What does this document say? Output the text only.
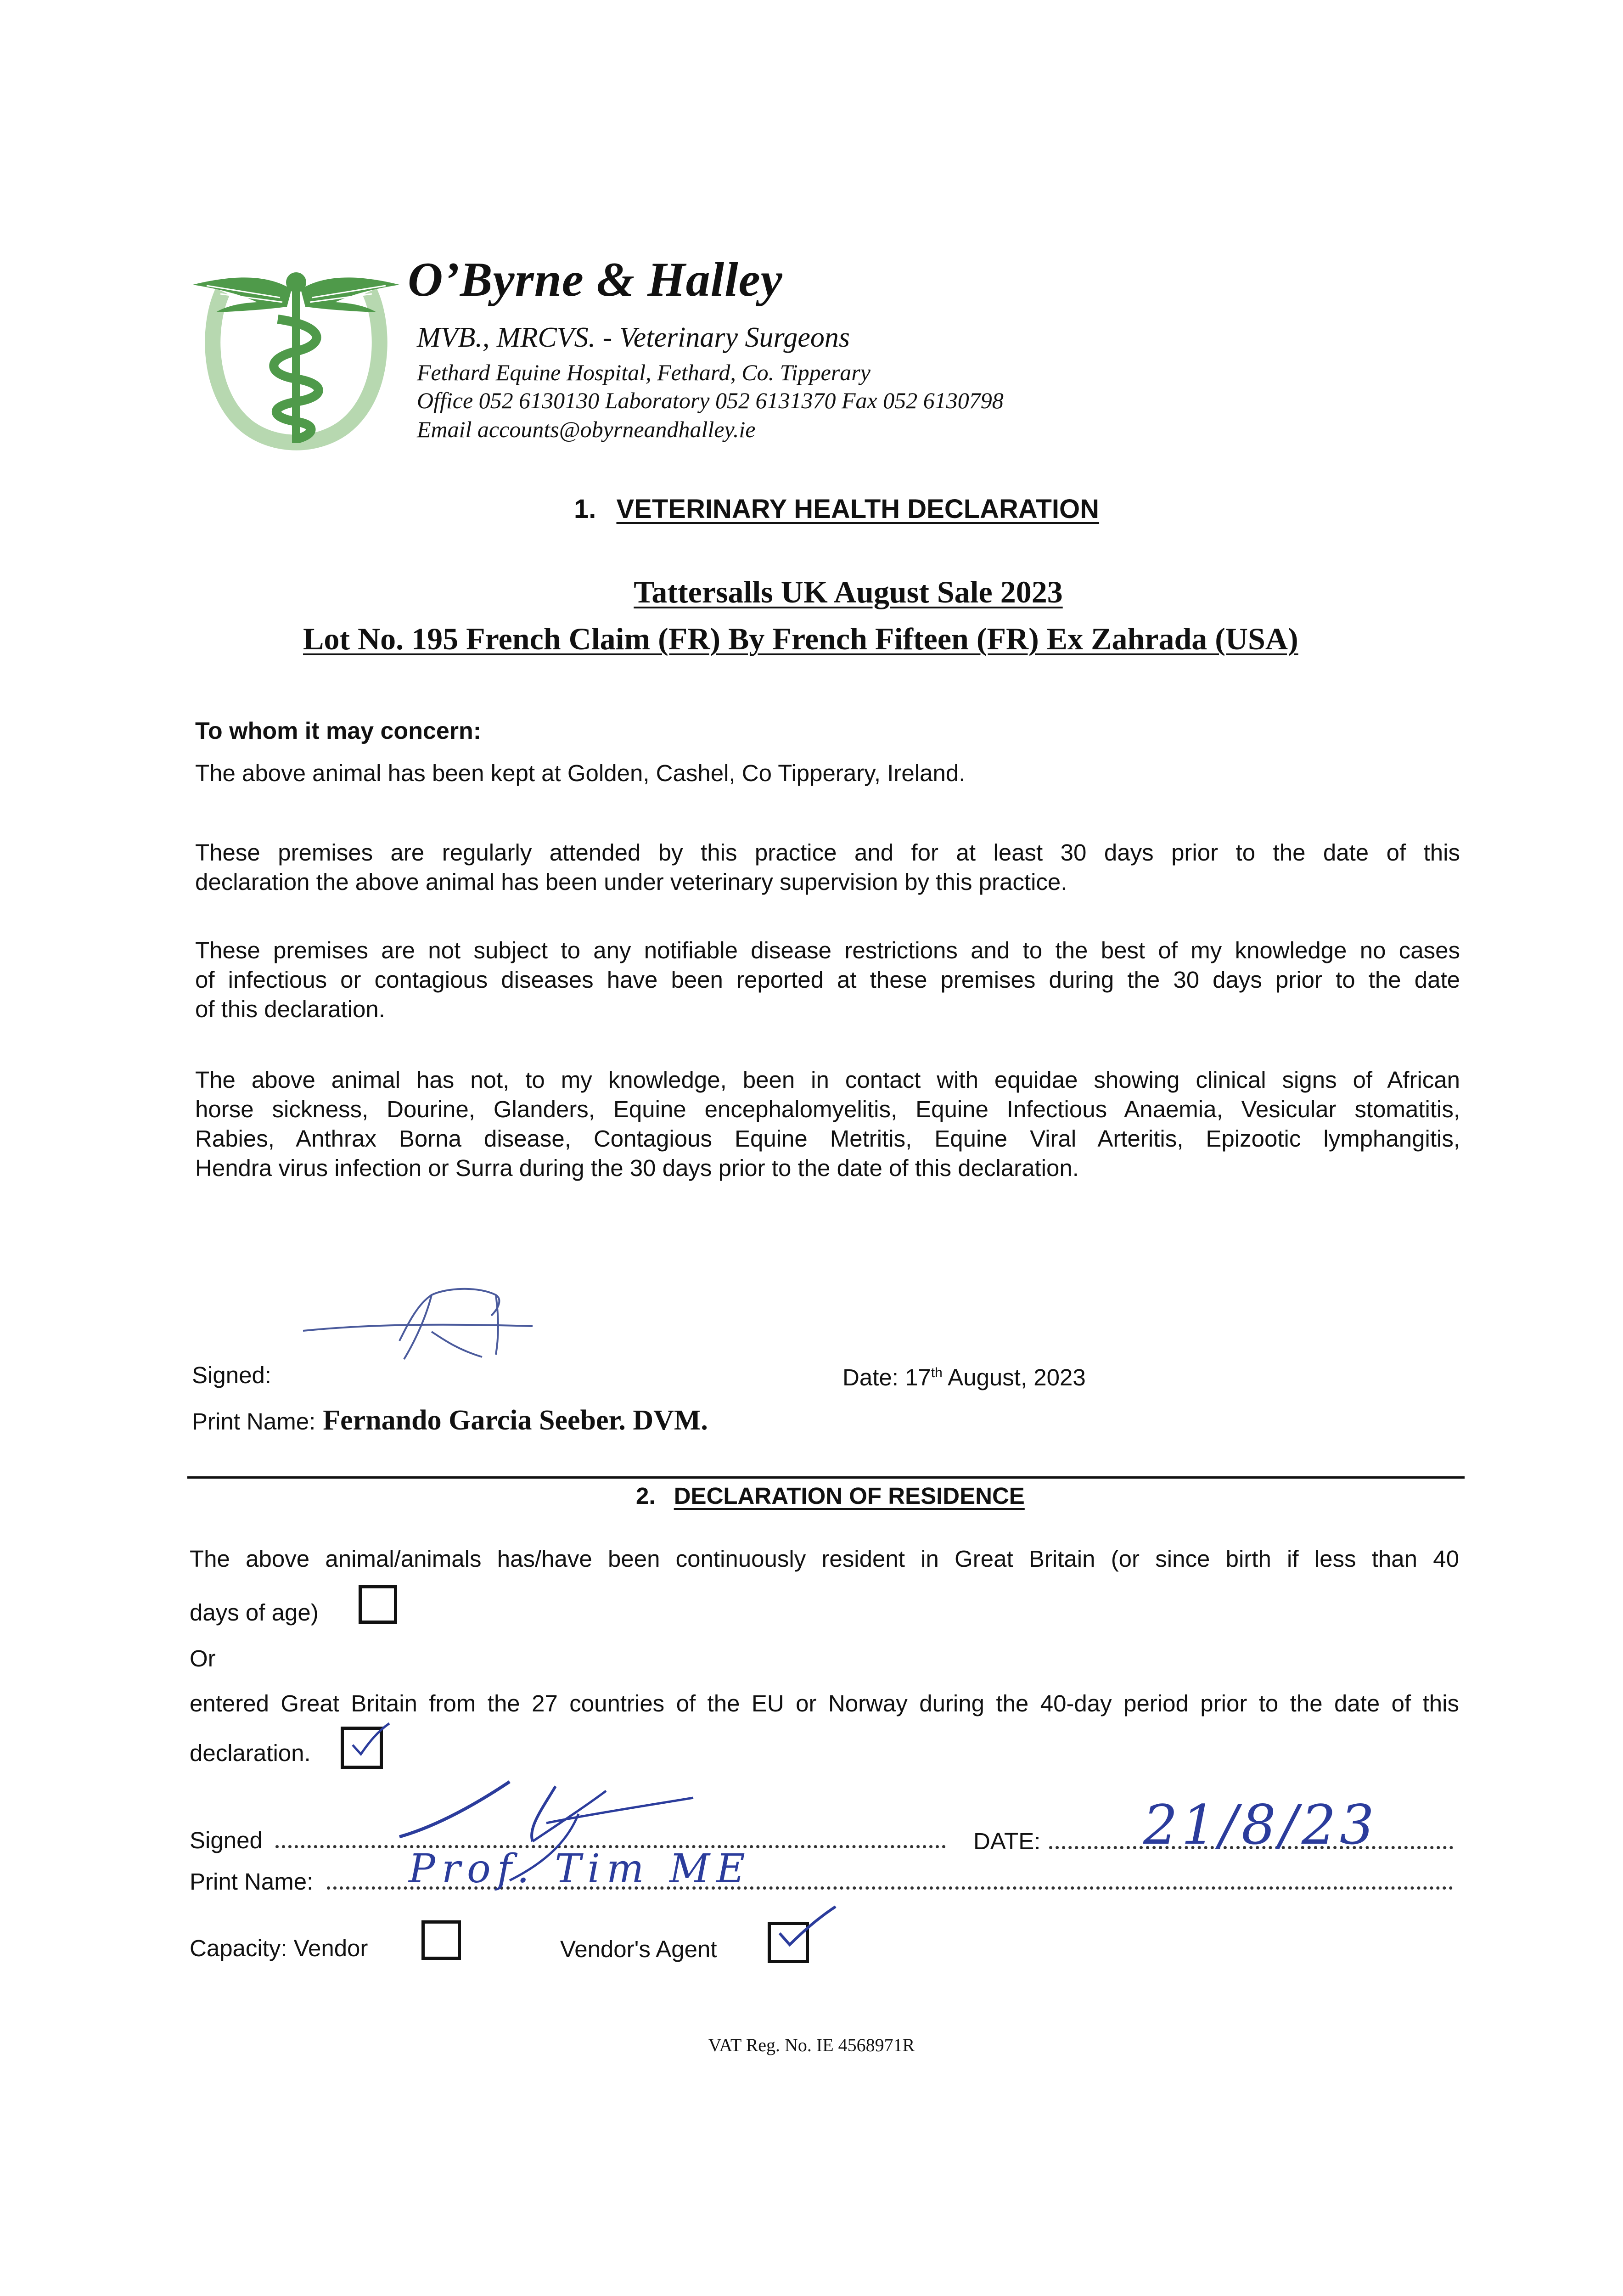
O’Byrne & Halley
MVB., MRCVS. - Veterinary Surgeons
Fethard Equine Hospital, Fethard, Co. Tipperary
Office 052 6130130 Laboratory 052 6131370 Fax 052 6130798
Email accounts@obyrneandhalley.ie
1. VETERINARY HEALTH DECLARATION
Tattersalls UK August Sale 2023
Lot No. 195 French Claim (FR) By French Fifteen (FR) Ex Zahrada (USA)
To whom it may concern:
The above animal has been kept at Golden, Cashel, Co Tipperary, Ireland.
These premises are regularly attended by this practice and for at least 30 days prior to the date of this
declaration the above animal has been under veterinary supervision by this practice.
These premises are not subject to any notifiable disease restrictions and to the best of my knowledge no cases
of infectious or contagious diseases have been reported at these premises during the 30 days prior to the date
of this declaration.
The above animal has not, to my knowledge, been in contact with equidae showing clinical signs of African
horse sickness, Dourine, Glanders, Equine encephalomyelitis, Equine Infectious Anaemia, Vesicular stomatitis,
Rabies, Anthrax Borna disease, Contagious Equine Metritis, Equine Viral Arteritis, Epizootic lymphangitis,
Hendra virus infection or Surra during the 30 days prior to the date of this declaration.
Signed:	Date: 17th August, 2023
Print Name: Fernando Garcia Seeber. DVM.
2. DECLARATION OF RESIDENCE
The above animal/animals has/have been continuously resident in Great Britain (or since birth if less than 40
days of age)
Or
entered Great Britain from the 27 countries of the EU or Norway during the 40-day period prior to the date of this
declaration.
Signed	DATE: 21/8/23
Print Name: Prof. Tim ME
Capacity: Vendor	Vendor's Agent
VAT Reg. No. IE 4568971R
